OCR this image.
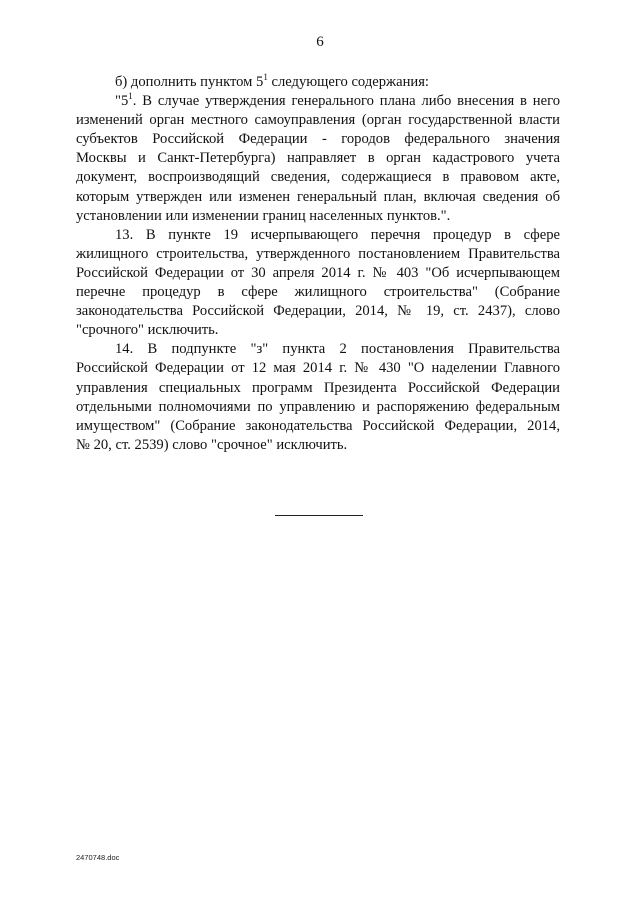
6
б) дополнить пунктом $5^1$ следующего содержания:
"$5^1$. В случае утверждения генерального плана либо внесения в него
изменений орган местного самоуправления (орган государственной власти
субъектов Российской Федерации - городов федерального значения
Москвы и Санкт-Петербурга) направляет в орган кадастрового учета
документ, воспроизводящий сведения, содержащиеся в правовом акте,
которым утвержден или изменен генеральный план, включая сведения об
установлении или изменении границ населенных пунктов.".
13. В пункте 19 исчерпывающего перечня процедур в сфере
жилищного строительства, утвержденного постановлением Правительства
Российской Федерации от 30 апреля 2014 г. № 403 "Об исчерпывающем
перечне процедур в сфере жилищного строительства" (Собрание
законодательства Российской Федерации, 2014, № 19, ст. 2437), слово
"срочного" исключить.
14. В подпункте "з" пункта 2 постановления Правительства
Российской Федерации от 12 мая 2014 г. № 430 "О наделении Главного
управления специальных программ Президента Российской Федерации
отдельными полномочиями по управлению и распоряжению федеральным
имуществом" (Собрание законодательства Российской Федерации, 2014,
№ 20, ст. 2539) слово "срочное" исключить.
2470748.doc
